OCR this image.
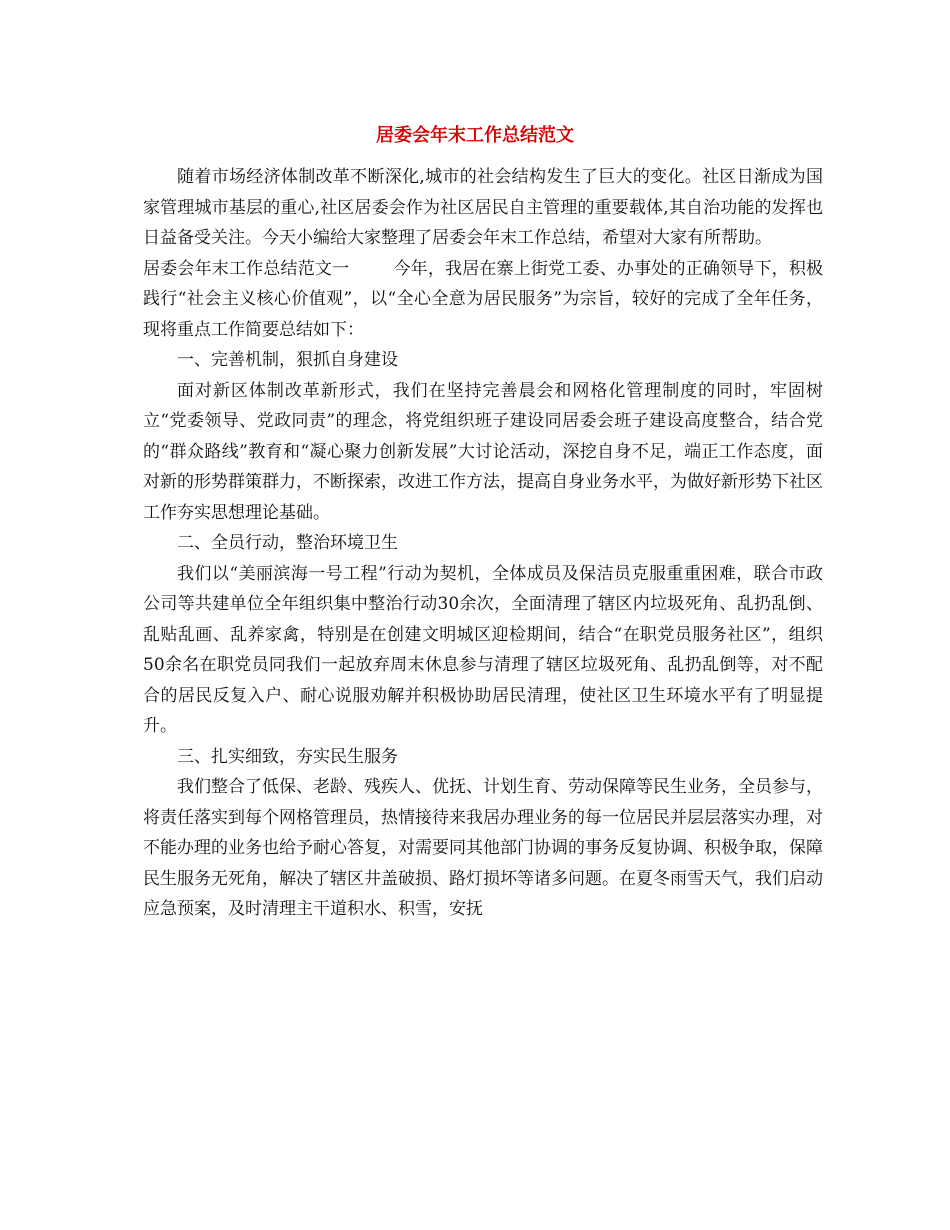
居委会年末工作总结范文

随着市场经济体制改革不断深化,城市的社会结构发生了巨大的变化。社区日渐成为国家管理城市基层的重心,社区居委会作为社区居民自主管理的重要载体,其自治功能的发挥也日益备受关注。今天小编给大家整理了居委会年末工作总结，希望对大家有所帮助。

居委会年末工作总结范文一	今年，我居在寨上街党工委、办事处的正确领导下，积极践行“社会主义核心价值观”，以“全心全意为居民服务”为宗旨，较好的完成了全年任务，现将重点工作简要总结如下：

一、完善机制，狠抓自身建设

面对新区体制改革新形式，我们在坚持完善晨会和网格化管理制度的同时，牢固树立“党委领导、党政同责”的理念，将党组织班子建设同居委会班子建设高度整合，结合党的“群众路线”教育和“凝心聚力创新发展”大讨论活动，深挖自身不足，端正工作态度，面对新的形势群策群力，不断探索，改进工作方法，提高自身业务水平，为做好新形势下社区工作夯实思想理论基础。

二、全员行动，整治环境卫生

我们以“美丽滨海一号工程”行动为契机，全体成员及保洁员克服重重困难，联合市政公司等共建单位全年组织集中整治行动30余次，全面清理了辖区内垃圾死角、乱扔乱倒、乱贴乱画、乱养家禽，特别是在创建文明城区迎检期间，结合“在职党员服务社区”，组织50余名在职党员同我们一起放弃周末休息参与清理了辖区垃圾死角、乱扔乱倒等，对不配合的居民反复入户、耐心说服劝解并积极协助居民清理，使社区卫生环境水平有了明显提升。

三、扎实细致，夯实民生服务

我们整合了低保、老龄、残疾人、优抚、计划生育、劳动保障等民生业务，全员参与，将责任落实到每个网格管理员，热情接待来我居办理业务的每一位居民并层层落实办理，对不能办理的业务也给予耐心答复，对需要同其他部门协调的事务反复协调、积极争取，保障民生服务无死角，解决了辖区井盖破损、路灯损坏等诸多问题。在夏冬雨雪天气，我们启动应急预案，及时清理主干道积水、积雪，安抚
